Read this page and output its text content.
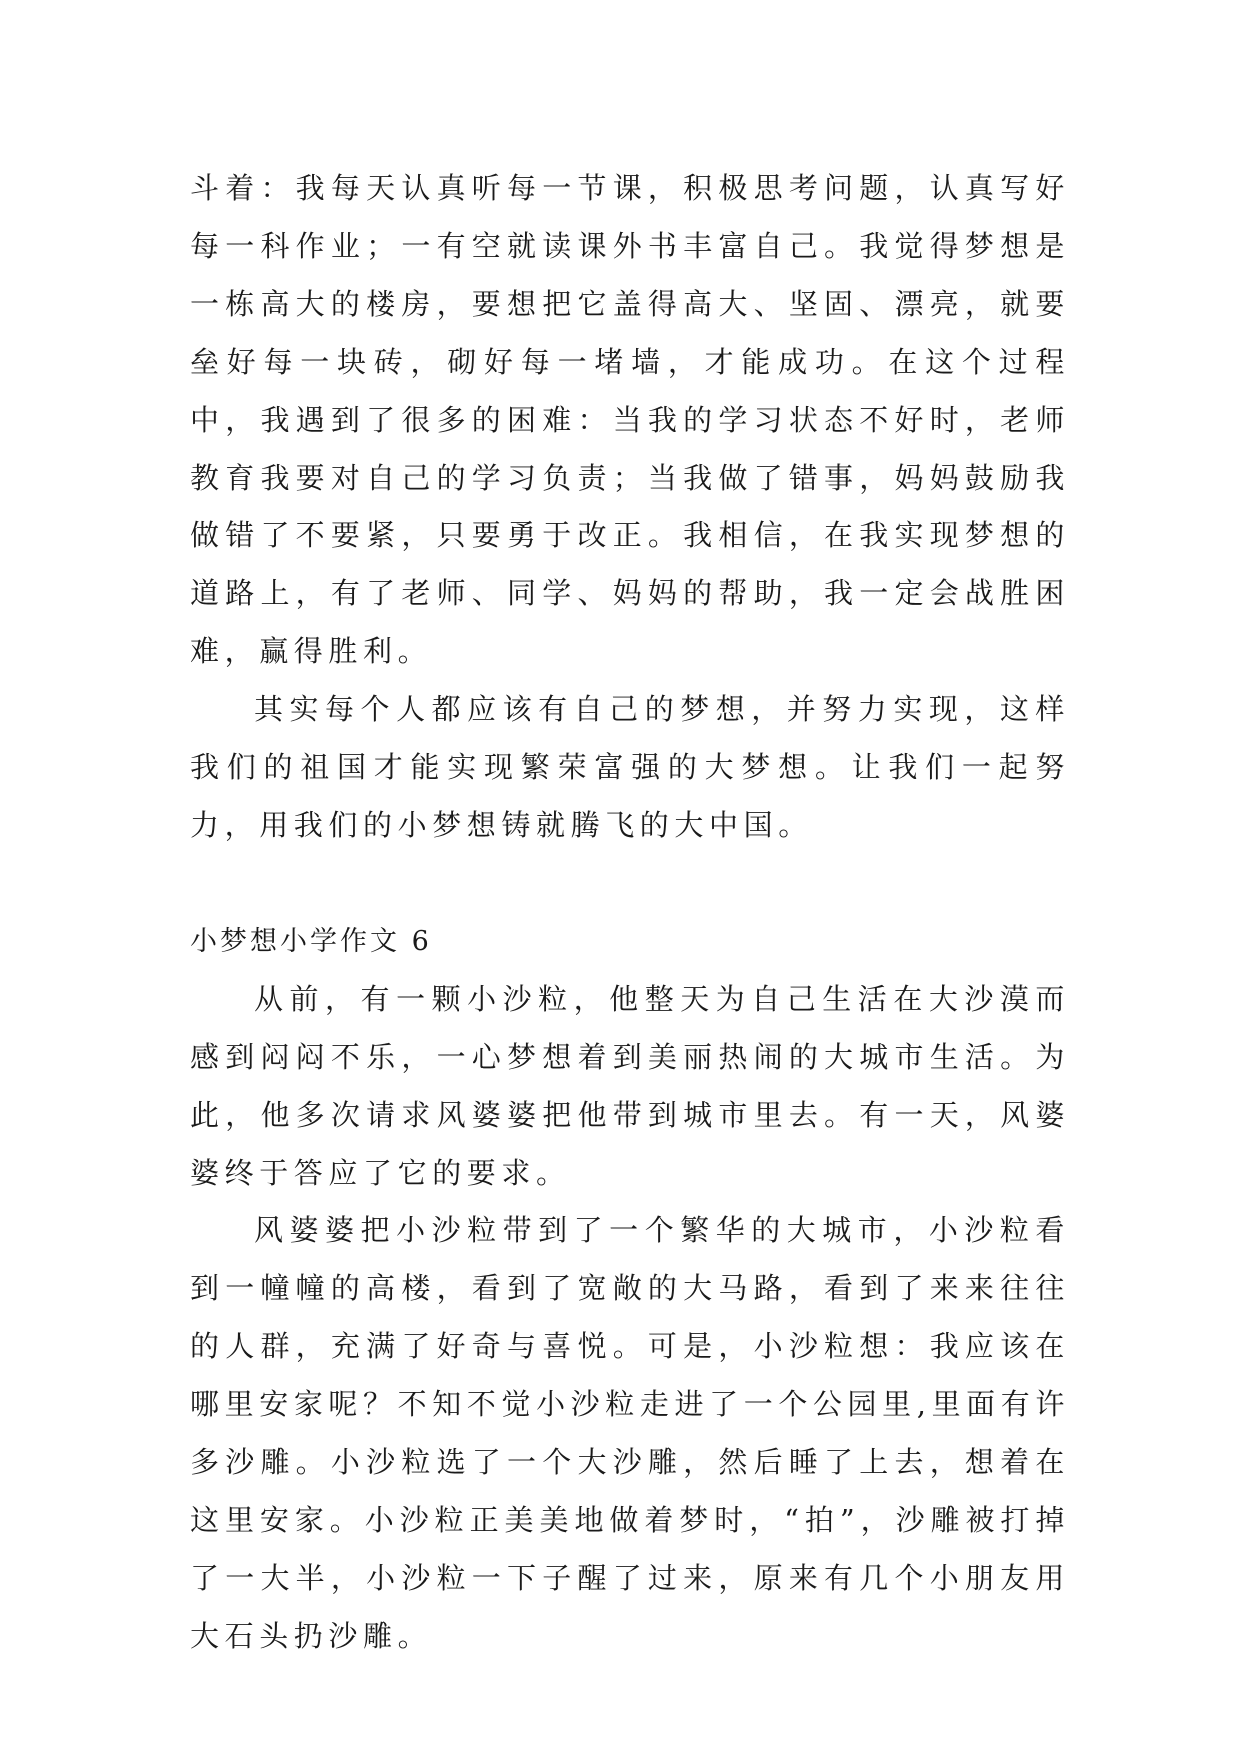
斗着：我每天认真听每一节课，积极思考问题，认真写好每一科作业；一有空就读课外书丰富自己。我觉得梦想是一栋高大的楼房，要想把它盖得高大、坚固、漂亮，就要垒好每一块砖，砌好每一堵墙，才能成功。在这个过程中，我遇到了很多的困难：当我的学习状态不好时，老师教育我要对自己的学习负责；当我做了错事，妈妈鼓励我做错了不要紧，只要勇于改正。我相信，在我实现梦想的道路上，有了老师、同学、妈妈的帮助，我一定会战胜困难，赢得胜利。

其实每个人都应该有自己的梦想，并努力实现，这样我们的祖国才能实现繁荣富强的大梦想。让我们一起努力，用我们的小梦想铸就腾飞的大中国。

小梦想小学作文 6

从前，有一颗小沙粒，他整天为自己生活在大沙漠而感到闷闷不乐，一心梦想着到美丽热闹的大城市生活。为此，他多次请求风婆婆把他带到城市里去。有一天，风婆婆终于答应了它的要求。

风婆婆把小沙粒带到了一个繁华的大城市，小沙粒看到一幢幢的高楼，看到了宽敞的大马路，看到了来来往往的人群，充满了好奇与喜悦。可是，小沙粒想：我应该在哪里安家呢？不知不觉小沙粒走进了一个公园里,里面有许多沙雕。小沙粒选了一个大沙雕，然后睡了上去，想着在这里安家。小沙粒正美美地做着梦时，“拍”，沙雕被打掉了一大半，小沙粒一下子醒了过来，原来有几个小朋友用大石头扔沙雕。
